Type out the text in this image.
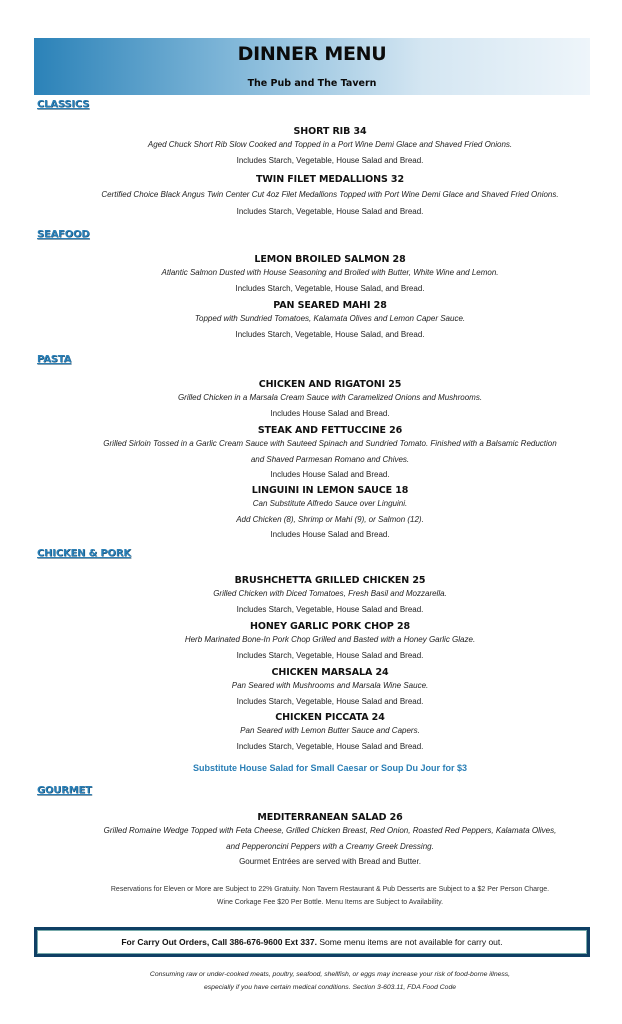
DINNER MENU
The Pub and The Tavern
CLASSICS
SHORT RIB 34
Aged Chuck Short Rib Slow Cooked and Topped in a Port Wine Demi Glace and Shaved Fried Onions.
Includes Starch, Vegetable, House Salad and Bread.
TWIN FILET MEDALLIONS 32
Certified Choice Black Angus Twin Center Cut 4oz Filet Medallions Topped with Port Wine Demi Glace and Shaved Fried Onions.
Includes Starch, Vegetable, House Salad and Bread.
SEAFOOD
LEMON BROILED SALMON 28
Atlantic Salmon Dusted with House Seasoning and Broiled with Butter, White Wine and Lemon.
Includes Starch, Vegetable, House Salad, and Bread.
PAN SEARED MAHI 28
Topped with Sundried Tomatoes, Kalamata Olives and Lemon Caper Sauce.
Includes Starch, Vegetable, House Salad, and Bread.
PASTA
CHICKEN AND RIGATONI 25
Grilled Chicken in a Marsala Cream Sauce with Caramelized Onions and Mushrooms.
Includes House Salad and Bread.
STEAK AND FETTUCCINE 26
Grilled Sirloin Tossed in a Garlic Cream Sauce with Sauteed Spinach and Sundried Tomato. Finished with a Balsamic Reduction
and Shaved Parmesan Romano and Chives.
Includes House Salad and Bread.
LINGUINI IN LEMON SAUCE 18
Can Substitute Alfredo Sauce over Linguini.
Add Chicken (8), Shrimp or Mahi (9), or Salmon (12).
Includes House Salad and Bread.
CHICKEN & PORK
BRUSHCHETTA GRILLED CHICKEN 25
Grilled Chicken with Diced Tomatoes, Fresh Basil and Mozzarella.
Includes Starch, Vegetable, House Salad and Bread.
HONEY GARLIC PORK CHOP 28
Herb Marinated Bone-In Pork Chop Grilled and Basted with a Honey Garlic Glaze.
Includes Starch, Vegetable, House Salad and Bread.
CHICKEN MARSALA 24
Pan Seared with Mushrooms and Marsala Wine Sauce.
Includes Starch, Vegetable, House Salad and Bread.
CHICKEN PICCATA 24
Pan Seared with Lemon Butter Sauce and Capers.
Includes Starch, Vegetable, House Salad and Bread.
Substitute House Salad for Small Caesar or Soup Du Jour for $3
GOURMET
MEDITERRANEAN SALAD 26
Grilled Romaine Wedge Topped with Feta Cheese, Grilled Chicken Breast, Red Onion, Roasted Red Peppers, Kalamata Olives,
and Pepperoncini Peppers with a Creamy Greek Dressing.
Gourmet Entrées are served with Bread and Butter.
Reservations for Eleven or More are Subject to 22% Gratuity. Non Tavern Restaurant & Pub Desserts are Subject to a $2 Per Person Charge.
Wine Corkage Fee $20 Per Bottle. Menu Items are Subject to Availability.
For Carry Out Orders, Call 386-676-9600 Ext 337. Some menu items are not available for carry out.
Consuming raw or under-cooked meats, poultry, seafood, shellfish, or eggs may increase your risk of food-borne illness,
especially if you have certain medical conditions. Section 3-603.11, FDA Food Code
